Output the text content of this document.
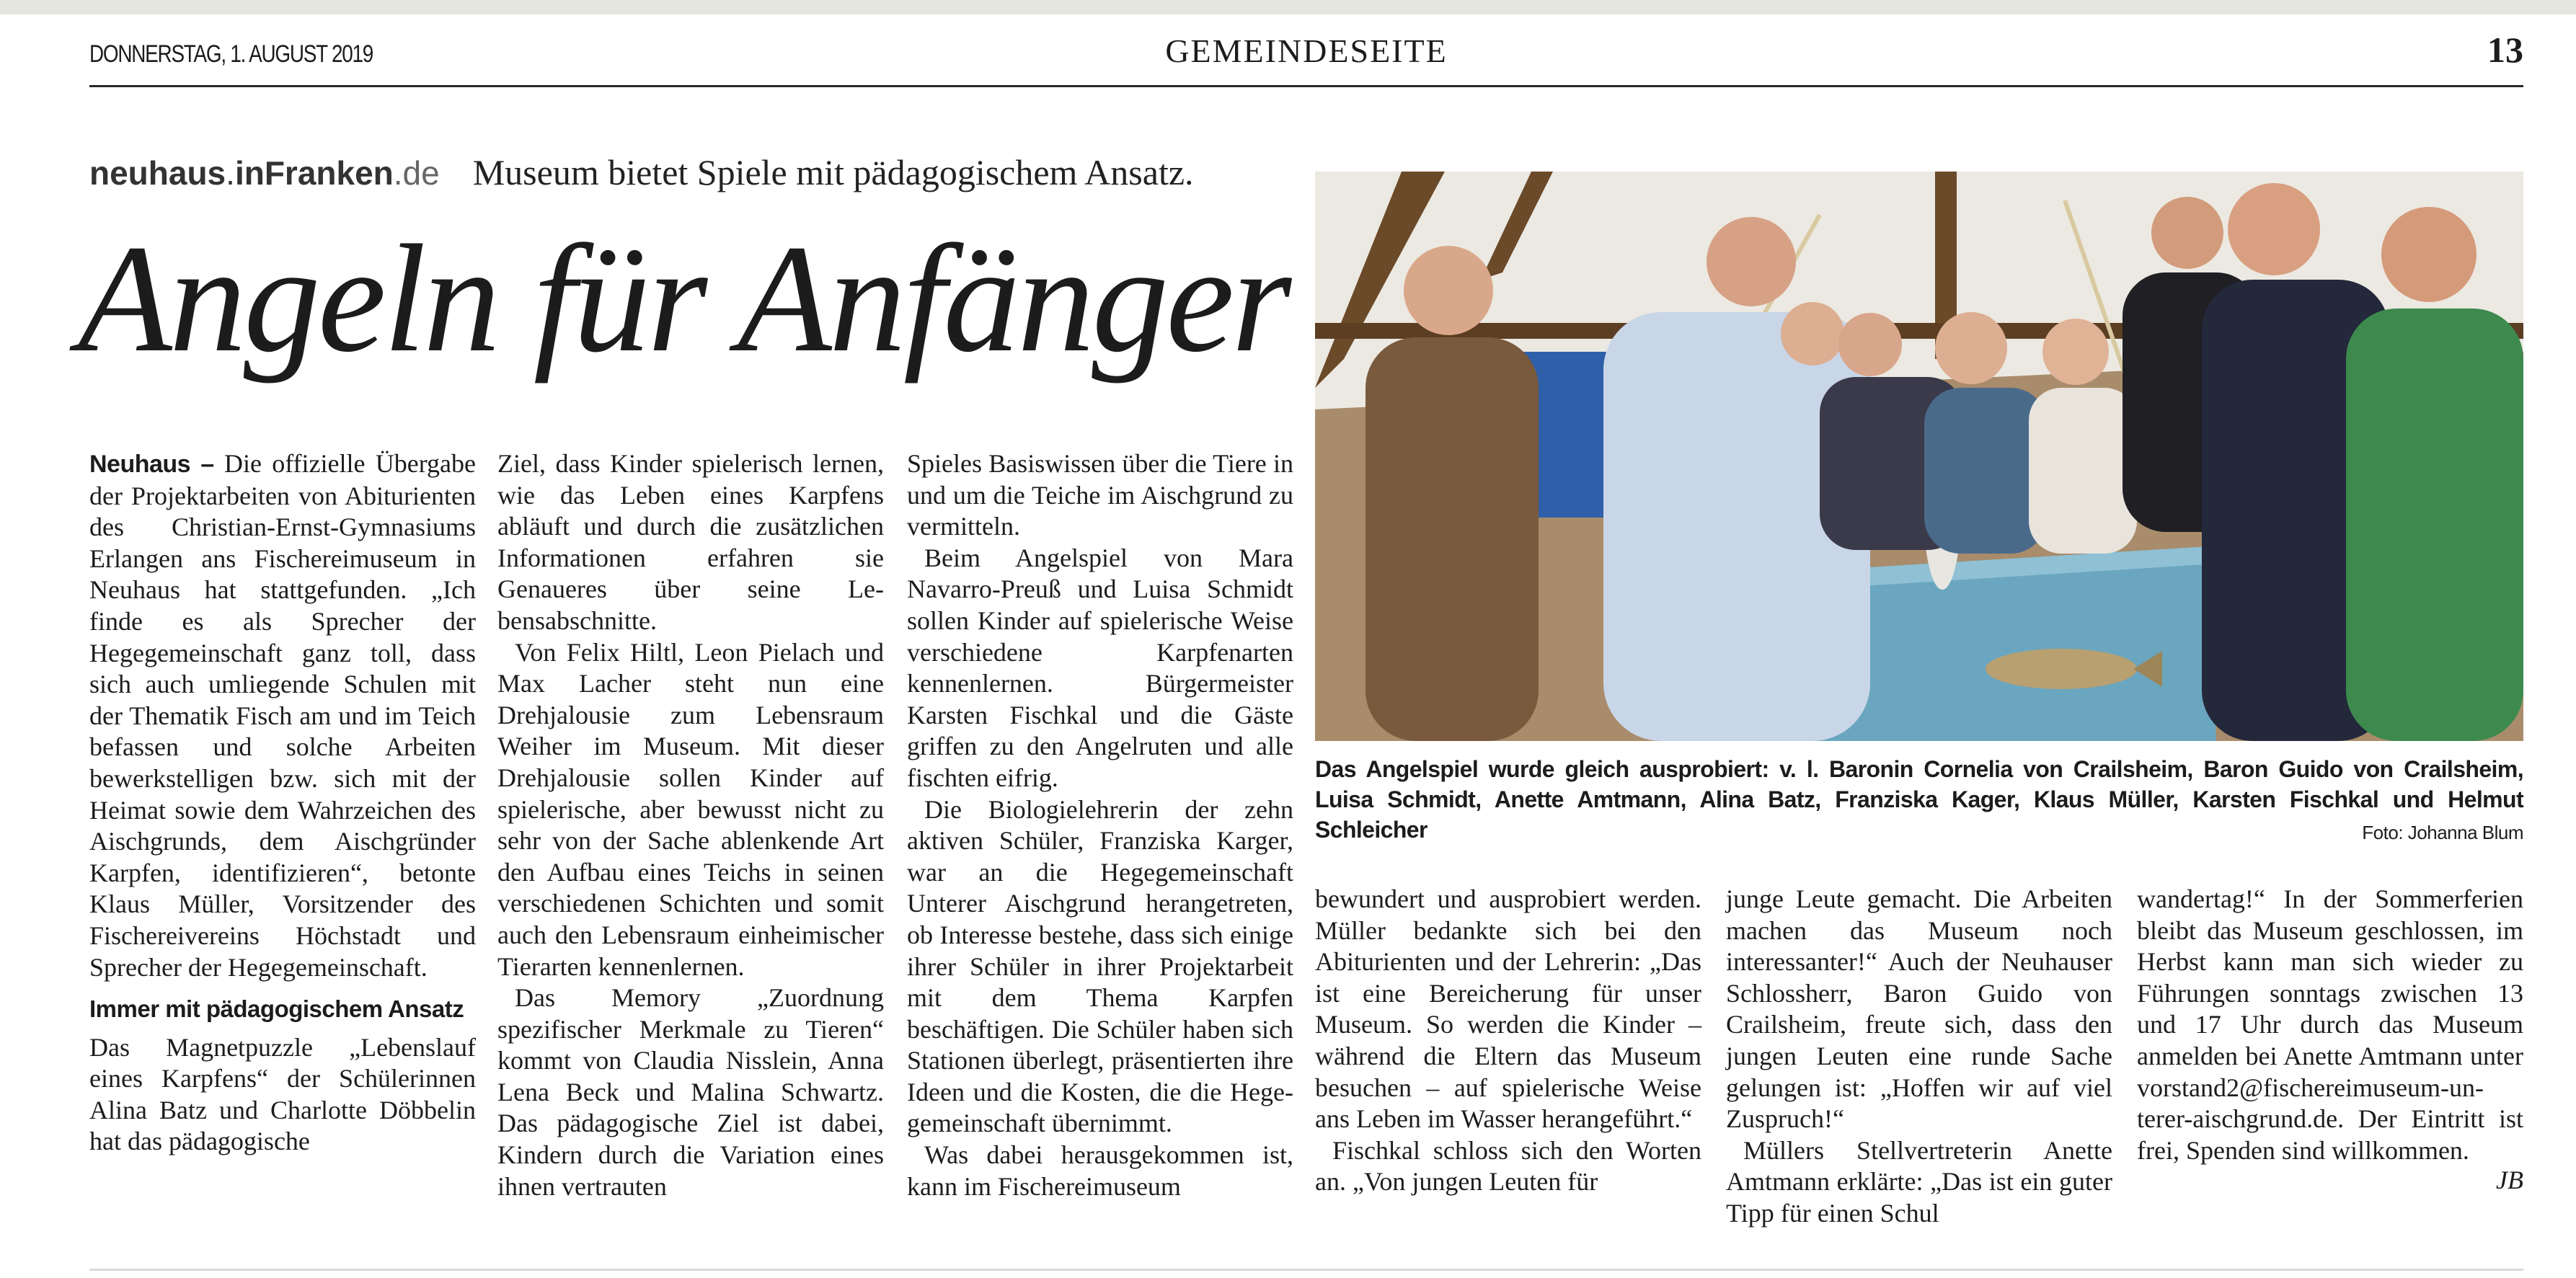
DONNERSTAG, 1. AUGUST 2019	GEMEINDESEITE	13
neuhaus.inFranken.de Museum bietet Spiele mit pädagogischem Ansatz.
Angeln für Anfänger

Neuhaus – Die offizielle Übergabe der Projektarbeiten von Abiturienten des Christian-Ernst-Gymnasiums Erlangen ans Fischereimuseum in Neuhaus hat stattgefunden. „Ich finde es als Sprecher der Hegegemeinschaft ganz toll, dass sich auch umliegende Schulen mit der Thematik Fisch am und im Teich befassen und solche Arbeiten bewerkstelligen bzw. sich mit der Heimat sowie dem Wahrzeichen des Aischgrunds, dem Aischgründer Karpfen, identifizieren“, betonte Klaus Müller, Vorsitzender des Fischereivereins Höchstadt und Sprecher der Hegegemeinschaft.

Immer mit pädagogischem Ansatz

Das Magnetpuzzle „Lebenslauf eines Karpfens“ der Schülerinnen Alina Batz und Charlotte Döbbelin hat das pädagogische

Ziel, dass Kinder spielerisch lernen, wie das Leben eines Karpfens abläuft und durch die zusätzlichen Informationen erfahren sie Genaueres über seine Lebensabschnitte.

Von Felix Hiltl, Leon Pielach und Max Lacher steht nun eine Drehjalousie zum Lebensraum Weiher im Museum. Mit dieser Drehjalousie sollen Kinder auf spielerische, aber bewusst nicht zu sehr von der Sache ablenkende Art den Aufbau eines Teichs in seinen verschiedenen Schichten und somit auch den Lebensraum einheimischer Tierarten kennenlernen.

Das Memory „Zuordnung spezifischer Merkmale zu Tieren“ kommt von Claudia Nisslein, Anna Lena Beck und Malina Schwartz. Das pädagogische Ziel ist dabei, Kindern durch die Variation eines ihnen vertrauten

Spieles Basiswissen über die Tiere in und um die Teiche im Aischgrund zu vermitteln.

Beim Angelspiel von Mara Navarro-Preuß und Luisa Schmidt sollen Kinder auf spielerische Weise verschiedene Karpfenarten kennenlernen. Bürgermeister Karsten Fischkal und die Gäste griffen zu den Angelruten und alle fischten eifrig.

Die Biologielehrerin der zehn aktiven Schüler, Franziska Karger, war an die Hegegemeinschaft Unterer Aischgrund herangetreten, ob Interesse bestehe, dass sich einige ihrer Schüler in ihrer Projektarbeit mit dem Thema Karpfen beschäftigen. Die Schüler haben sich Stationen überlegt, präsentierten ihre Ideen und die Kosten, die die Hegegemeinschaft übernimmt.

Was dabei herausgekommen ist, kann im Fischereimuseum

Das Angelspiel wurde gleich ausprobiert: v. l. Baronin Cornelia von Crailsheim, Baron Guido von Crailsheim, Luisa Schmidt, Anette Amtmann, Alina Batz, Franziska Kager, Klaus Müller, Karsten Fischkal und Helmut Schleicher	Foto: Johanna Blum

bewundert und ausprobiert werden. Müller bedankte sich bei den Abiturienten und der Lehrerin: „Das ist eine Bereicherung für unser Museum. So werden die Kinder – während die Eltern das Museum besuchen – auf spielerische Weise ans Leben im Wasser herangeführt.“

Fischkal schloss sich den Worten an. „Von jungen Leuten für

junge Leute gemacht. Die Arbeiten machen das Museum noch interessanter!“ Auch der Neuhauser Schlossherr, Baron Guido von Crailsheim, freute sich, dass den jungen Leuten eine runde Sache gelungen ist: „Hoffen wir auf viel Zuspruch!“

Müllers Stellvertreterin Anette Amtmann erklärte: „Das ist ein guter Tipp für einen Schul

wandertag!“ In der Sommerferien bleibt das Museum geschlossen, im Herbst kann man sich wieder zu Führungen sonntags zwischen 13 und 17 Uhr durch das Museum anmelden bei Anette Amtmann unter vorstand2@fischereimuseum-unterer-aischgrund.de. Der Eintritt ist frei, Spenden sind willkommen.

JB
